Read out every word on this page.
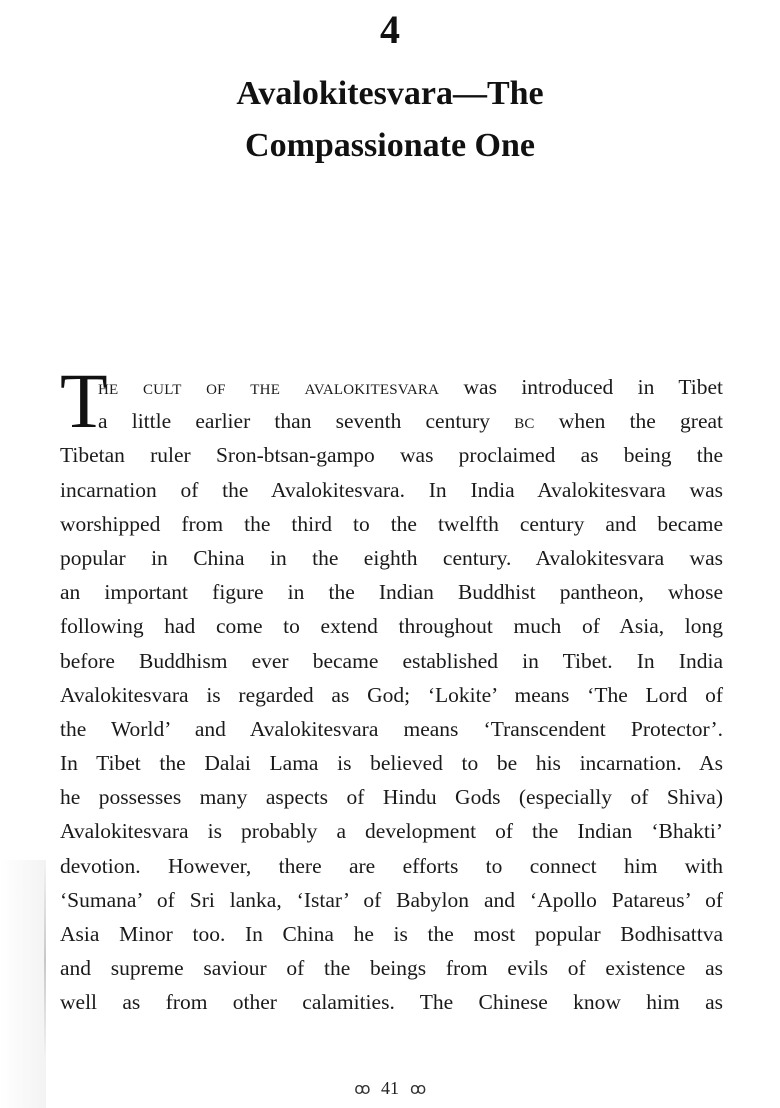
4
Avalokitesvara—The
Compassionate One
T
he cult of the avalokitesvara was introduced in Tibet
a little earlier than seventh century bc when the great
Tibetan ruler Sron-btsan-gampo was proclaimed as being the
incarnation of the Avalokitesvara. In India Avalokitesvara was
worshipped from the third to the twelfth century and became
popular in China in the eighth century. Avalokitesvara was
an important figure in the Indian Buddhist pantheon, whose
following had come to extend throughout much of Asia, long
before Buddhism ever became established in Tibet. In India
Avalokitesvara is regarded as God; ‘Lokite’ means ‘The Lord of
the World’ and Avalokitesvara means ‘Transcendent Protector’.
In Tibet the Dalai Lama is believed to be his incarnation. As
he possesses many aspects of Hindu Gods (especially of Shiva)
Avalokitesvara is probably a development of the Indian ‘Bhakti’
devotion. However, there are efforts to connect him with
‘Sumana’ of Sri lanka, ‘Istar’ of Babylon and ‘Apollo Patareus’ of
Asia Minor too. In China he is the most popular Bodhisattva
and supreme saviour of the beings from evils of existence as
well as from other calamities. The Chinese know him as
ꝏ 41 ꝏ
